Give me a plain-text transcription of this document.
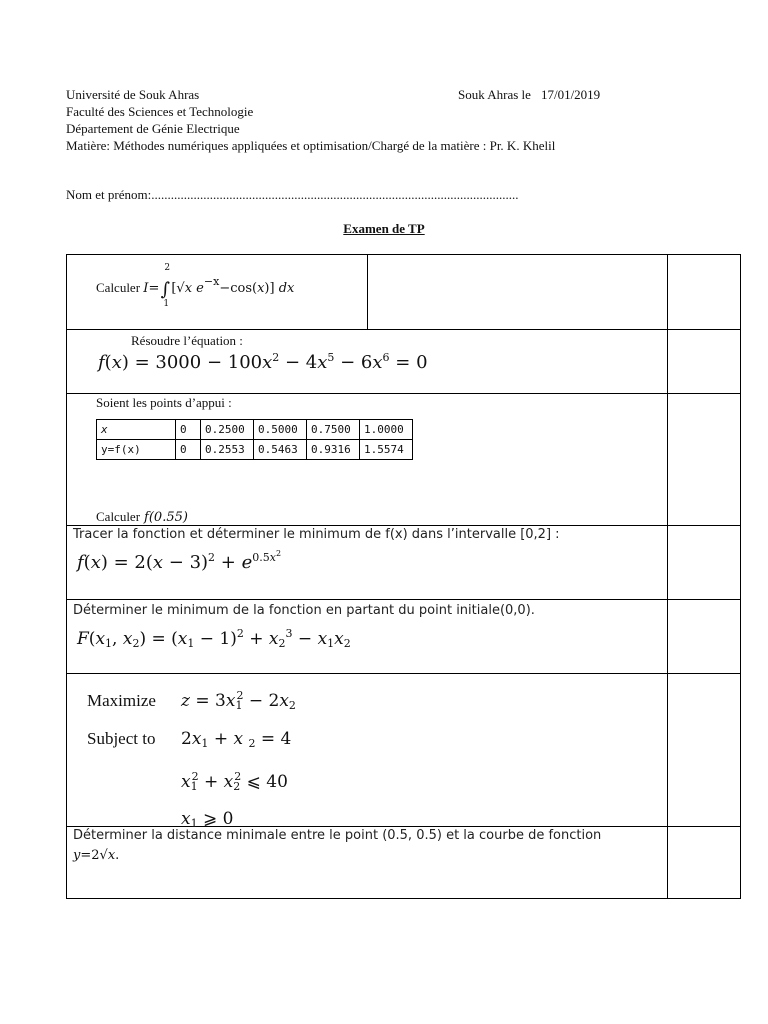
Université de Souk Ahras
Faculté des Sciences et Technologie
Département de Génie Electrique
Matière: Méthodes numériques appliquées et optimisation/Chargé de la matière : Pr. K. Khelil
Souk Ahras le 17/01/2019
Nom et prénom:.................................................................................................................
Examen de TP
Calculer I=∫
2
1
[√x $e^{-x}-\cos(x)$] dx
Résoudre l’équation :
$f(x) = 3000 - 100x^2 - 4x^5 - 6x^6 = 0$
Soient les points d’appui :
x	0	0.2500	0.5000	0.7500	1.0000
y=f(x)	0	0.2553	0.5463	0.9316	1.5574
Calculer f(0.55)
Tracer la fonction et déterminer le minimum de f(x) dans l’intervalle [0,2] :
$f(x) = 2(x - 3)^2 + e^{0.5x^2}$
Déterminer le minimum de la fonction en partant du point initiale(0,0).
$F(x_1$, $x_2) = (x_1 - 1)^2 + x_2^3 - x_1x_2$
Maximize $z = 3x_1^2 - 2x_2$
Subject to $2x_1 + x$ $_2$ = 4
$x_1^2 + x_2^2$ ⩽ 40
$x_1$ ⩾ 0
Déterminer la distance minimale entre le point (0.5, 0.5) et la courbe de fonction
y=2√x.
